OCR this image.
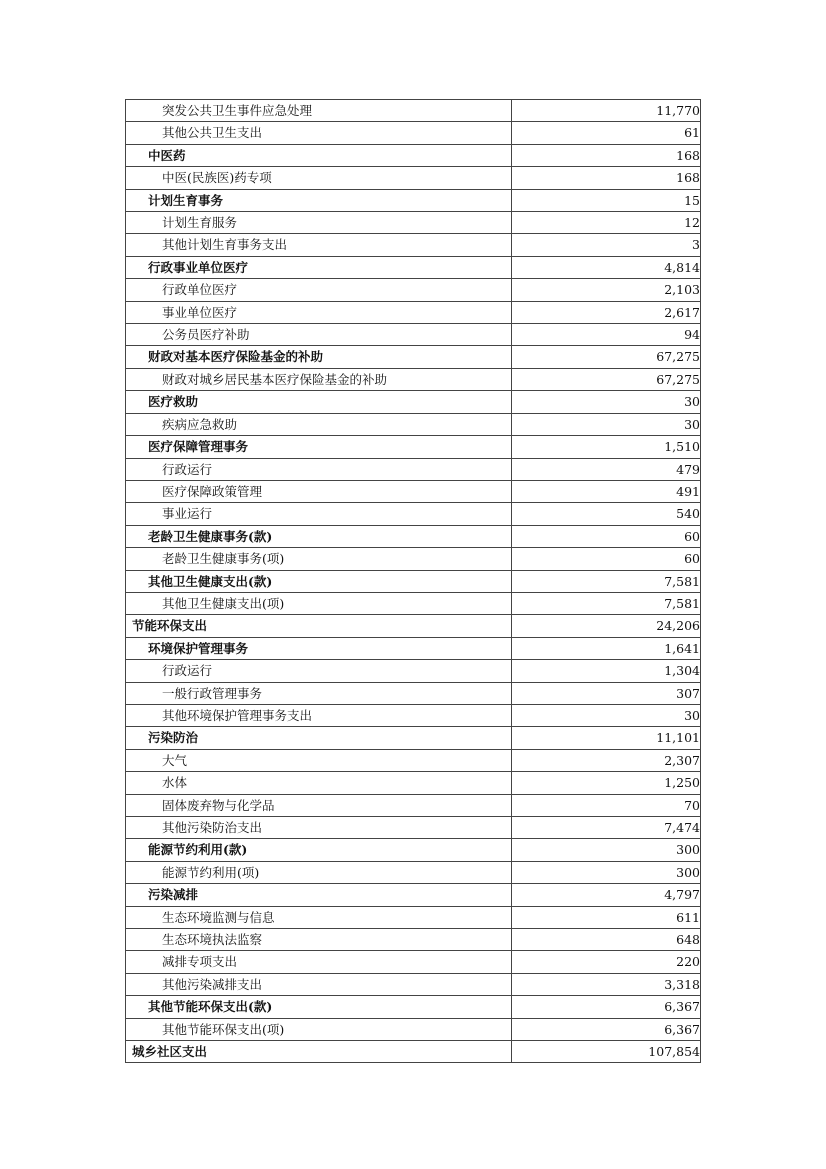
突发公共卫生事件应急处理	11,770
其他公共卫生支出	61
中医药	168
中医(民族医)药专项	168
计划生育事务	15
计划生育服务	12
其他计划生育事务支出	3
行政事业单位医疗	4,814
行政单位医疗	2,103
事业单位医疗	2,617
公务员医疗补助	94
财政对基本医疗保险基金的补助	67,275
财政对城乡居民基本医疗保险基金的补助	67,275
医疗救助	30
疾病应急救助	30
医疗保障管理事务	1,510
行政运行	479
医疗保障政策管理	491
事业运行	540
老龄卫生健康事务(款)	60
老龄卫生健康事务(项)	60
其他卫生健康支出(款)	7,581
其他卫生健康支出(项)	7,581
节能环保支出	24,206
环境保护管理事务	1,641
行政运行	1,304
一般行政管理事务	307
其他环境保护管理事务支出	30
污染防治	11,101
大气	2,307
水体	1,250
固体废弃物与化学品	70
其他污染防治支出	7,474
能源节约利用(款)	300
能源节约利用(项)	300
污染减排	4,797
生态环境监测与信息	611
生态环境执法监察	648
减排专项支出	220
其他污染减排支出	3,318
其他节能环保支出(款)	6,367
其他节能环保支出(项)	6,367
城乡社区支出	107,854
